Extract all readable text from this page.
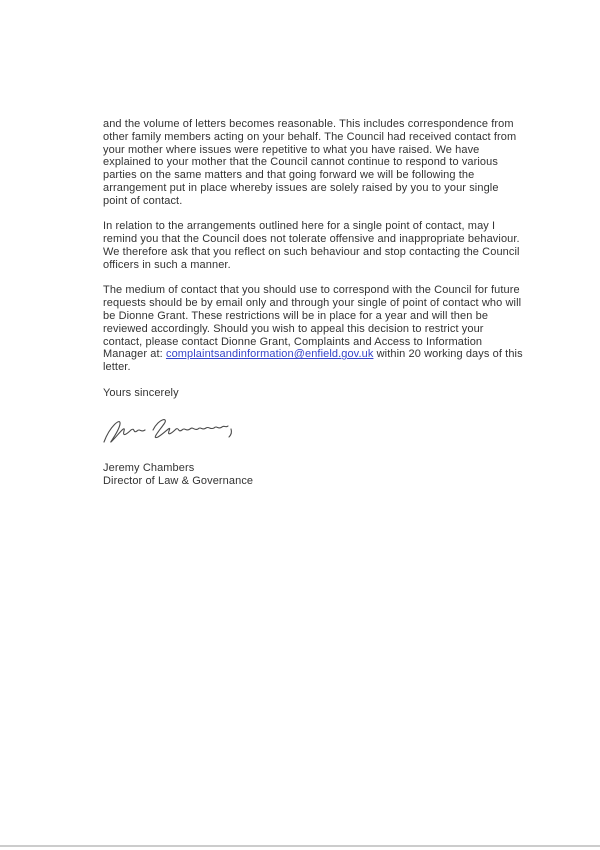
and the volume of letters becomes reasonable. This includes correspondence from other family members acting on your behalf. The Council had received contact from your mother where issues were repetitive to what you have raised. We have explained to your mother that the Council cannot continue to respond to various parties on the same matters and that going forward we will be following the arrangement put in place whereby issues are solely raised by you to your single point of contact.

In relation to the arrangements outlined here for a single point of contact, may I remind you that the Council does not tolerate offensive and inappropriate behaviour. We therefore ask that you reflect on such behaviour and stop contacting the Council officers in such a manner.

The medium of contact that you should use to correspond with the Council for future requests should be by email only and through your single of point of contact who will be Dionne Grant. These restrictions will be in place for a year and will then be reviewed accordingly. Should you wish to appeal this decision to restrict your contact, please contact Dionne Grant, Complaints and Access to Information Manager at: complaintsandinformation@enfield.gov.uk within 20 working days of this letter.

Yours sincerely

Jeremy Chambers

Director of Law & Governance
